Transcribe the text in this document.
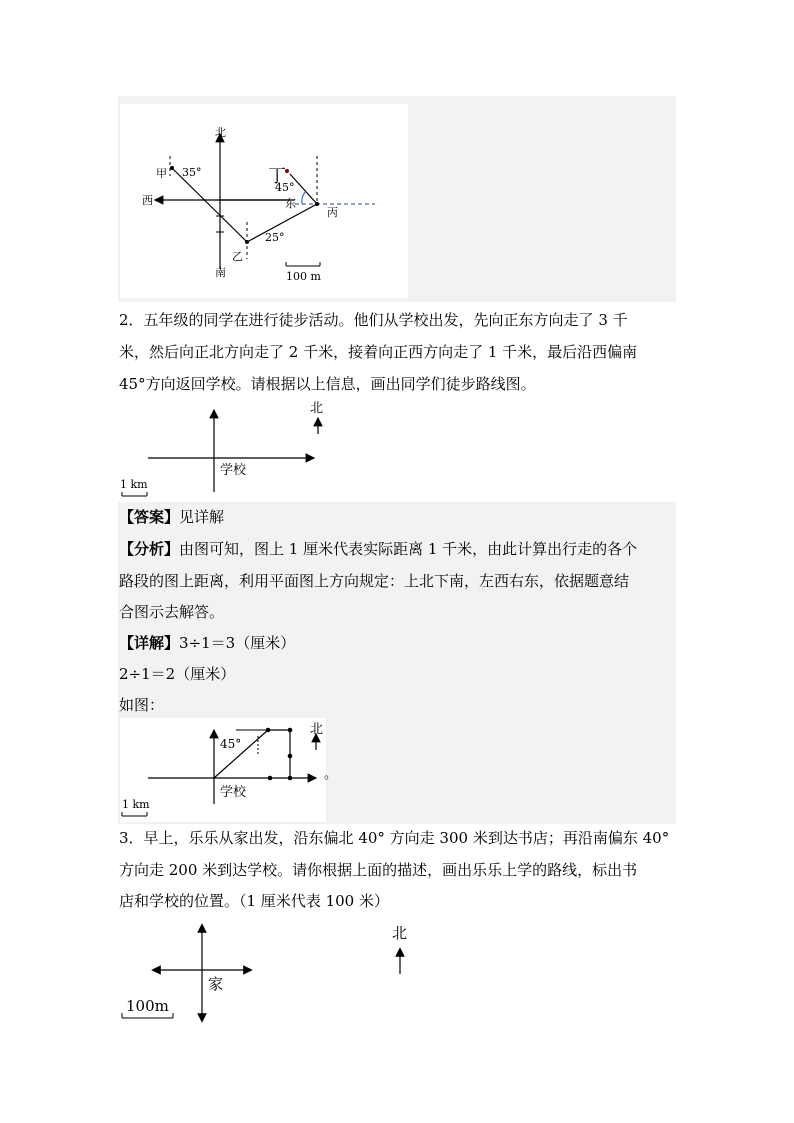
北
南
西	东
甲
乙
丙
丁
35°
45°
25°
100 m
2．五年级的同学在进行徒步活动。他们从学校出发，先向正东方向走了 3 千
米，然后向正北方向走了 2 千米，接着向正西方向走了 1 千米，最后沿西偏南
45°方向返回学校。请根据以上信息，画出同学们徒步路线图。
北
学校
1 km
【答案】见详解
【分析】由图可知，图上 1 厘米代表实际距离 1 千米，由此计算出行走的各个
路段的图上距离，利用平面图上方向规定：上北下南，左西右东，依据题意结
合图示去解答。
【详解】3÷1＝3（厘米）
2÷1＝2（厘米）
如图：
45°
北
学校
1 km
。
3．早上，乐乐从家出发，沿东偏北 40° 方向走 300 米到达书店；再沿南偏东 40°
方向走 200 米到达学校。请你根据上面的描述，画出乐乐上学的路线，标出书
店和学校的位置。（1 厘米代表 100 米）
北
家
100m
